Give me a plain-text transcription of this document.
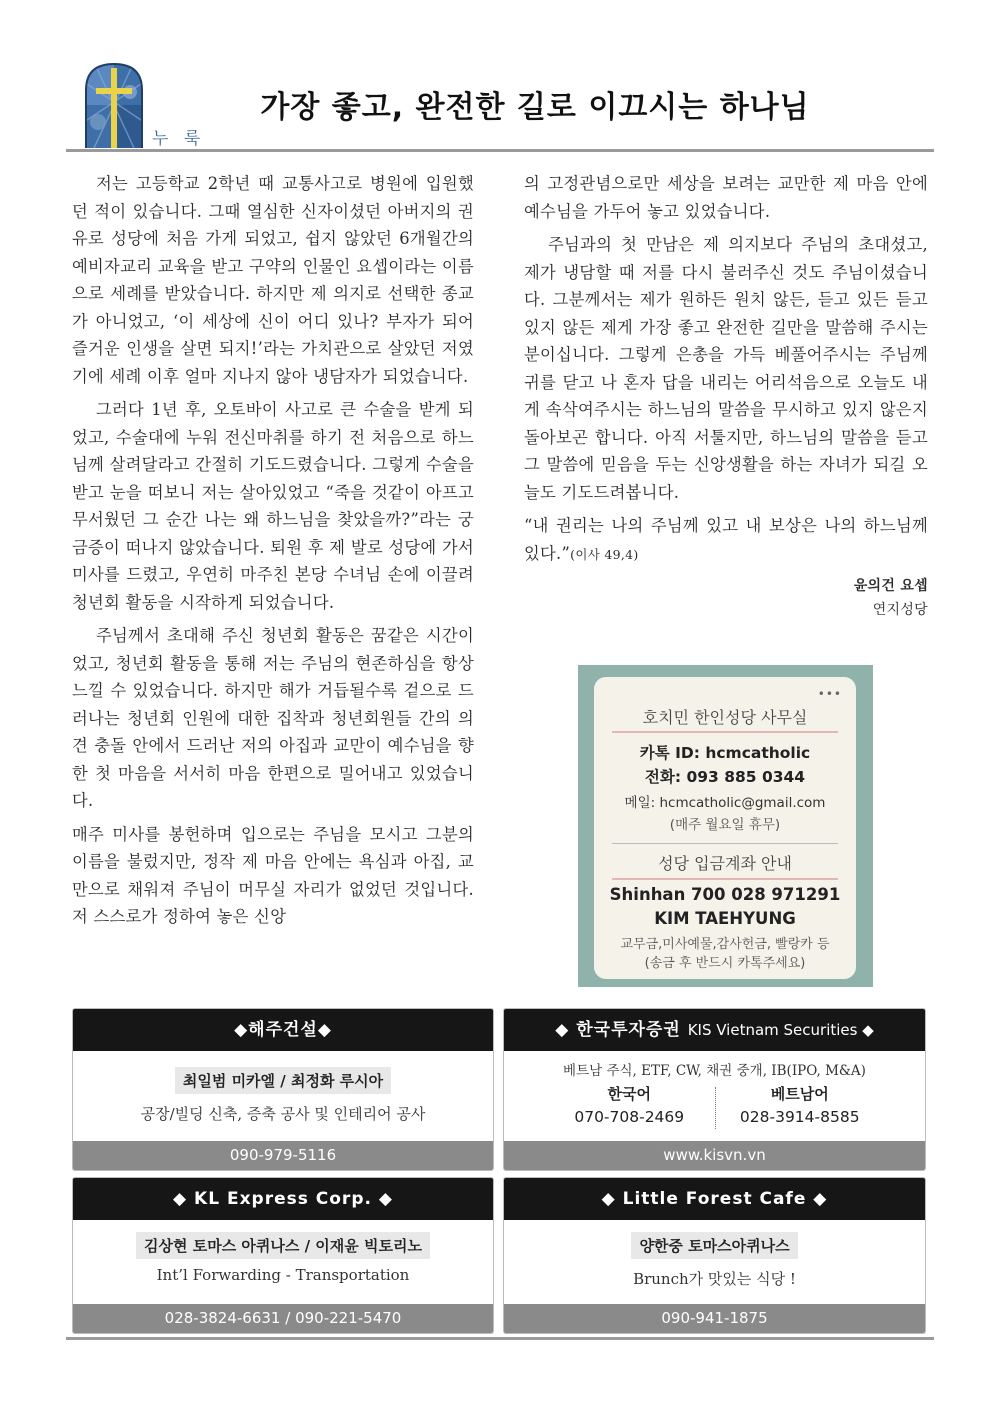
누 룩
가장 좋고, 완전한 길로 이끄시는 하나님

저는 고등학교 2학년 때 교통사고로 병원에 입원했던 적이 있습니다. 그때 열심한 신자이셨던 아버지의 권유로 성당에 처음 가게 되었고, 쉽지 않았던 6개월간의 예비자교리 교육을 받고 구약의 인물인 요셉이라는 이름으로 세례를 받았습니다. 하지만 제 의지로 선택한 종교가 아니었고, ‘이 세상에 신이 어디 있나? 부자가 되어 즐거운 인생을 살면 되지!’라는 가치관으로 살았던 저였기에 세례 이후 얼마 지나지 않아 냉담자가 되었습니다.

그러다 1년 후, 오토바이 사고로 큰 수술을 받게 되었고, 수술대에 누워 전신마취를 하기 전 처음으로 하느님께 살려달라고 간절히 기도드렸습니다. 그렇게 수술을 받고 눈을 떠보니 저는 살아있었고 “죽을 것같이 아프고 무서웠던 그 순간 나는 왜 하느님을 찾았을까?”라는 궁금증이 떠나지 않았습니다. 퇴원 후 제 발로 성당에 가서 미사를 드렸고, 우연히 마주친 본당 수녀님 손에 이끌려 청년회 활동을 시작하게 되었습니다.

주님께서 초대해 주신 청년회 활동은 꿈같은 시간이었고, 청년회 활동을 통해 저는 주님의 현존하심을 항상 느낄 수 있었습니다. 하지만 해가 거듭될수록 겉으로 드러나는 청년회 인원에 대한 집착과 청년회원들 간의 의견 충돌 안에서 드러난 저의 아집과 교만이 예수님을 향한 첫 마음을 서서히 마음 한편으로 밀어내고 있었습니다.

매주 미사를 봉헌하며 입으로는 주님을 모시고 그분의 이름을 불렀지만, 정작 제 마음 안에는 욕심과 아집, 교만으로 채워져 주님이 머무실 자리가 없었던 것입니다. 저 스스로가 정하여 놓은 신앙

의 고정관념으로만 세상을 보려는 교만한 제 마음 안에 예수님을 가두어 놓고 있었습니다.

주님과의 첫 만남은 제 의지보다 주님의 초대셨고, 제가 냉담할 때 저를 다시 불러주신 것도 주님이셨습니다. 그분께서는 제가 원하든 원치 않든, 듣고 있든 듣고 있지 않든 제게 가장 좋고 완전한 길만을 말씀해 주시는 분이십니다. 그렇게 은총을 가득 베풀어주시는 주님께 귀를 닫고 나 혼자 답을 내리는 어리석음으로 오늘도 내게 속삭여주시는 하느님의 말씀을 무시하고 있지 않은지 돌아보곤 합니다. 아직 서툴지만, 하느님의 말씀을 듣고 그 말씀에 믿음을 두는 신앙생활을 하는 자녀가 되길 오늘도 기도드려봅니다.

“내 권리는 나의 주님께 있고 내 보상은 나의 하느님께 있다.”(이사 49,4)

윤의건 요셉
연지성당
•••
호치민 한인성당 사무실
카톡 ID: hcmcatholic
전화: 093 885 0344
메일: hcmcatholic@gmail.com
(매주 월요일 휴무)
성당 입금계좌 안내
Shinhan 700 028 971291
KIM TAEHYUNG
교무금,미사예물,감사헌금, 빨랑카 등
(송금 후 반드시 카톡주세요)
◆해주건설◆
최일범 미카엘 / 최정화 루시아
공장/빌딩 신축, 증축 공사 및 인테리어 공사
090-979-5116
◆ 한국투자증권 KIS Vietnam Securities ◆
베트남 주식, ETF, CW, 채권 중개, IB(IPO, M&A)
한국어
070-708-2469
베트남어
028-3914-8585
www.kisvn.vn
◆ KL Express Corp. ◆
김상현 토마스 아퀴나스 / 이재윤 빅토리노
Int’l Forwarding - Transportation
028-3824-6631 / 090-221-5470
◆ Little Forest Cafe ◆
양한중 토마스아퀴나스
Brunch가 맛있는 식당 !
090-941-1875
